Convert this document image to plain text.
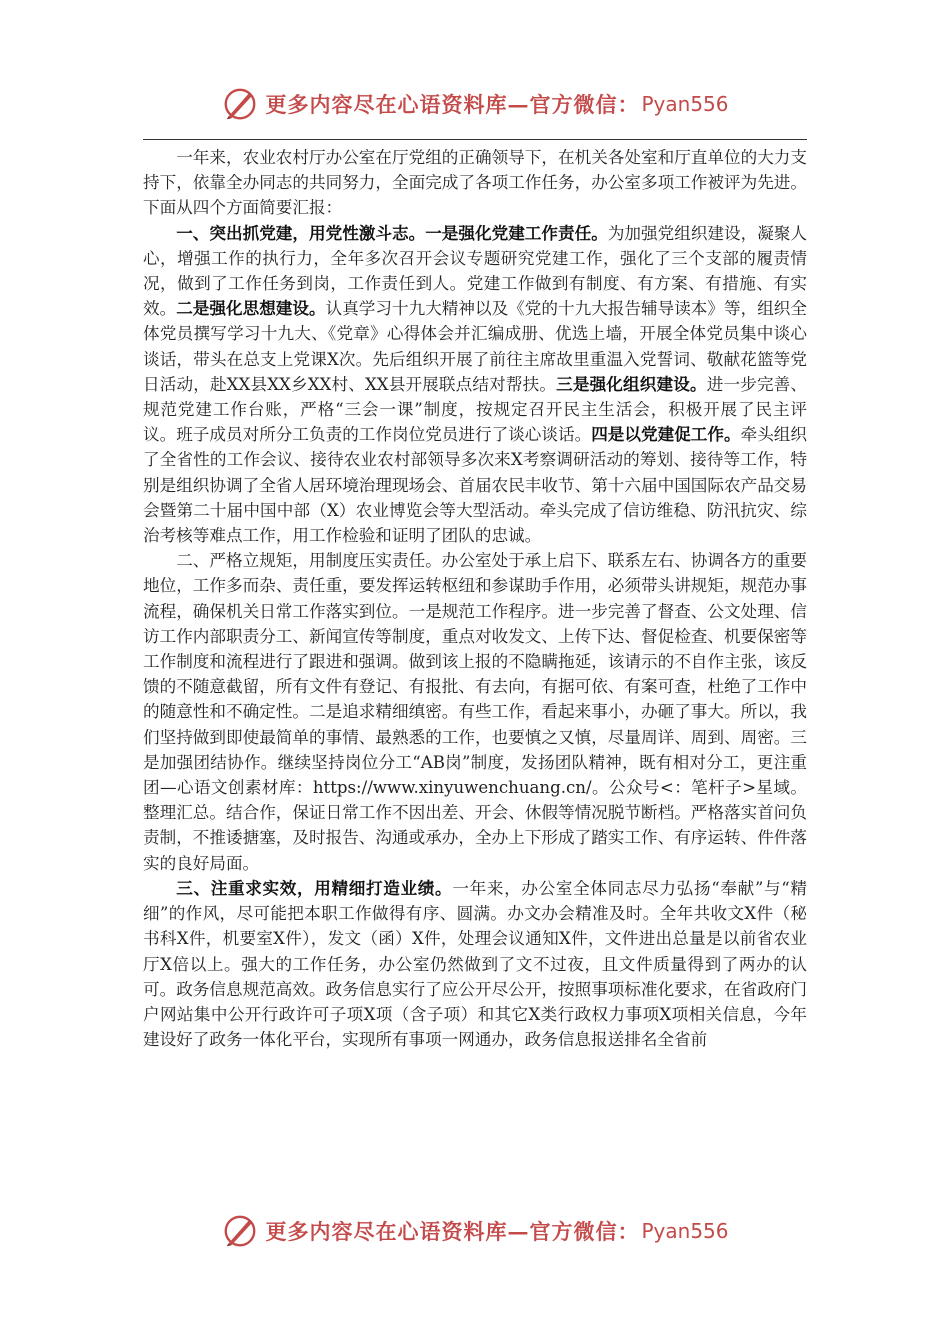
更多内容尽在心语资料库—官方微信： Pyan556

一年来，农业农村厅办公室在厅党组的正确领导下，在机关各处室和厅直单位的大力支持下，依靠全办同志的共同努力，全面完成了各项工作任务，办公室多项工作被评为先进。下面从四个方面简要汇报：

一、突出抓党建，用党性激斗志。一是强化党建工作责任。为加强党组织建设，凝聚人心，增强工作的执行力，全年多次召开会议专题研究党建工作，强化了三个支部的履责情况，做到了工作任务到岗，工作责任到人。党建工作做到有制度、有方案、有措施、有实效。二是强化思想建设。认真学习十九大精神以及《党的十九大报告辅导读本》等，组织全体党员撰写学习十九大、《党章》心得体会并汇编成册、优选上墙，开展全体党员集中谈心谈话，带头在总支上党课X次。先后组织开展了前往主席故里重温入党誓词、敬献花篮等党日活动，赴XX县XX乡XX村、XX县开展联点结对帮扶。三是强化组织建设。进一步完善、规范党建工作台账，严格“三会一课”制度，按规定召开民主生活会，积极开展了民主评议。班子成员对所分工负责的工作岗位党员进行了谈心谈话。四是以党建促工作。牵头组织了全省性的工作会议、接待农业农村部领导多次来X考察调研活动的筹划、接待等工作，特别是组织协调了全省人居环境治理现场会、首届农民丰收节、第十六届中国国际农产品交易会暨第二十届中国中部（X）农业博览会等大型活动。牵头完成了信访维稳、防汛抗灾、综治考核等难点工作，用工作检验和证明了团队的忠诚。

二、严格立规矩，用制度压实责任。办公室处于承上启下、联系左右、协调各方的重要地位，工作多而杂、责任重，要发挥运转枢纽和参谋助手作用，必须带头讲规矩，规范办事流程，确保机关日常工作落实到位。一是规范工作程序。进一步完善了督查、公文处理、信访工作内部职责分工、新闻宣传等制度，重点对收发文、上传下达、督促检查、机要保密等工作制度和流程进行了跟进和强调。做到该上报的不隐瞒拖延，该请示的不自作主张，该反馈的不随意截留，所有文件有登记、有报批、有去向，有据可依、有案可查，杜绝了工作中的随意性和不确定性。二是追求精细缜密。有些工作，看起来事小，办砸了事大。所以，我们坚持做到即使最简单的事情、最熟悉的工作，也要慎之又慎，尽量周详、周到、周密。三是加强团结协作。继续坚持岗位分工“AB岗”制度，发扬团队精神，既有相对分工，更注重团—心语文创素材库：https://www.xinyuwenchuang.cn/。公众号<：笔杆子>星域。整理汇总。结合作，保证日常工作不因出差、开会、休假等情况脱节断档。严格落实首问负责制，不推诿搪塞，及时报告、沟通或承办，全办上下形成了踏实工作、有序运转、件件落实的良好局面。

三、注重求实效，用精细打造业绩。一年来，办公室全体同志尽力弘扬“奉献”与“精细”的作风，尽可能把本职工作做得有序、圆满。办文办会精准及时。全年共收文X件（秘书科X件，机要室X件），发文（函）X件，处理会议通知X件，文件进出总量是以前省农业厅X倍以上。强大的工作任务，办公室仍然做到了文不过夜，且文件质量得到了两办的认可。政务信息规范高效。政务信息实行了应公开尽公开，按照事项标准化要求，在省政府门户网站集中公开行政许可子项X项（含子项）和其它X类行政权力事项X项相关信息，今年建设好了政务一体化平台，实现所有事项一网通办，政务信息报送排名全省前

更多内容尽在心语资料库—官方微信： Pyan556
